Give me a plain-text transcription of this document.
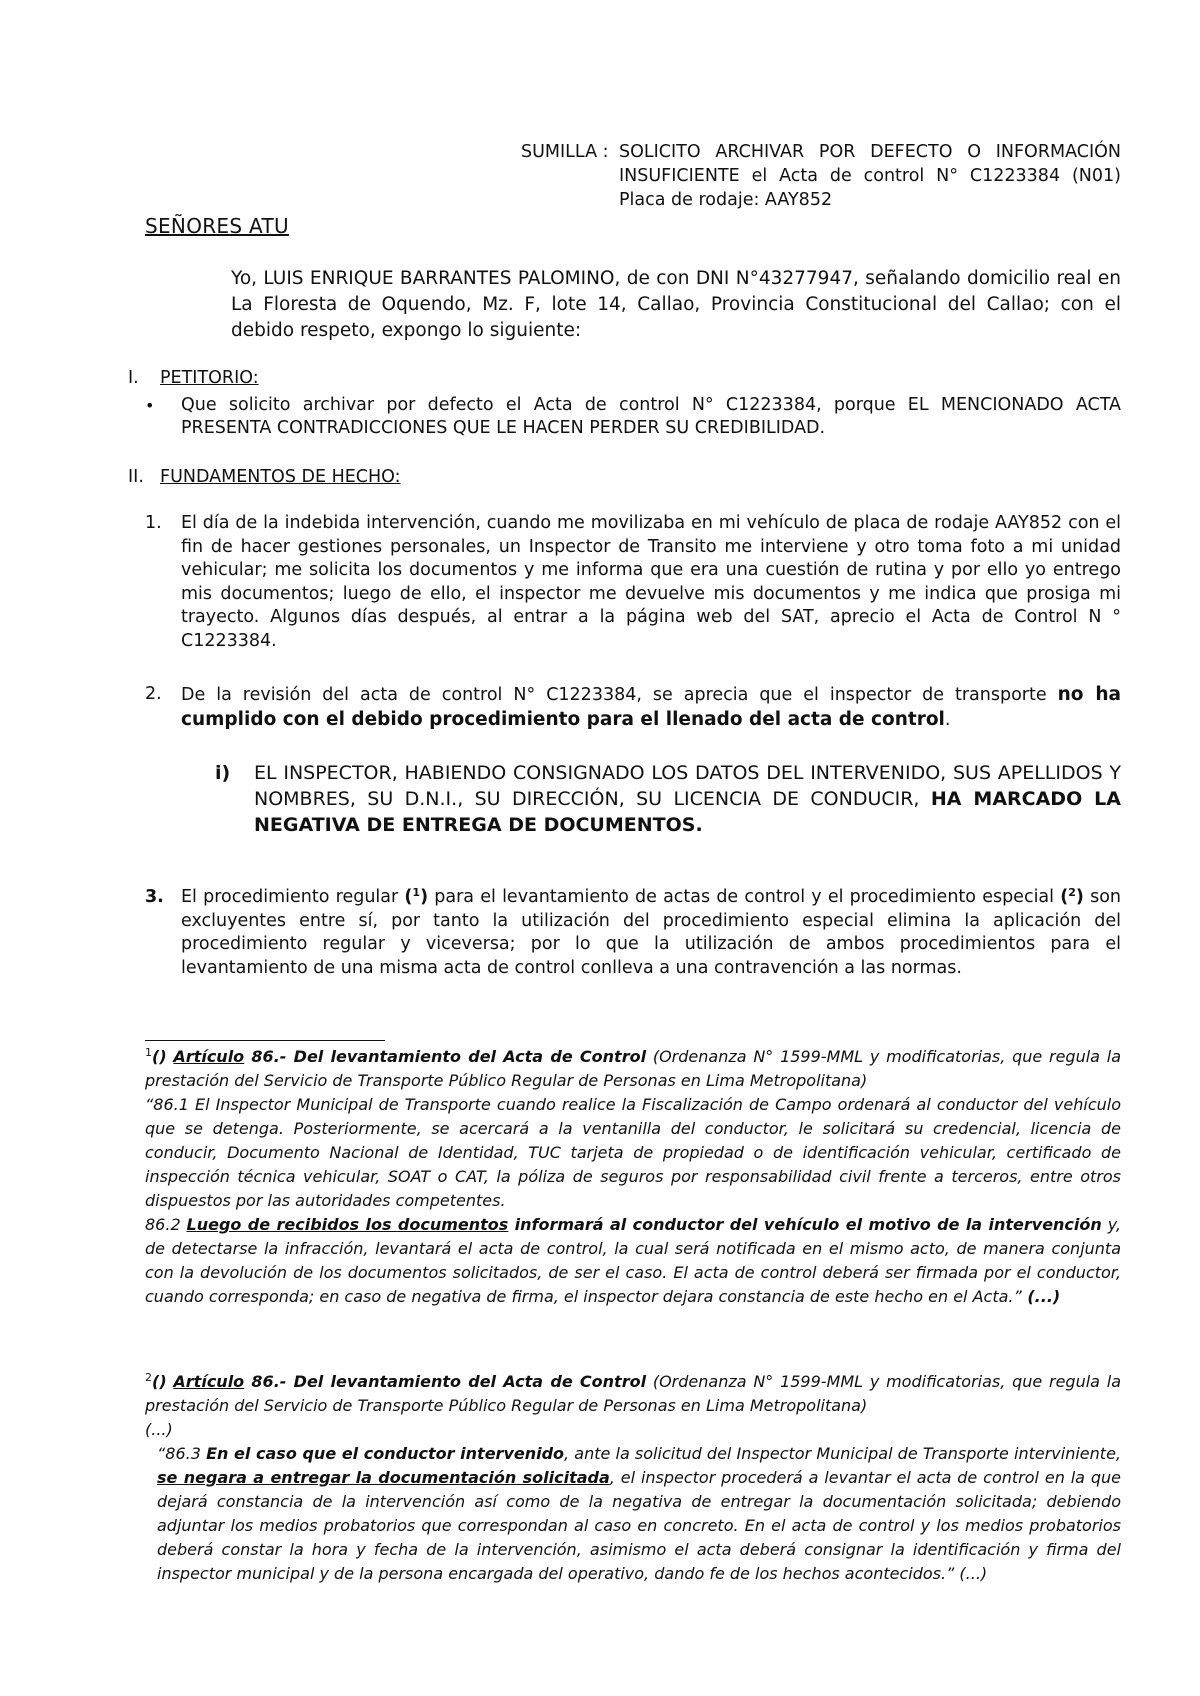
SUMILLA : SOLICITO ARCHIVAR POR DEFECTO O INFORMACIÓN INSUFICIENTE el Acta de control N° C1223384 (N01) Placa de rodaje: AAY852
SEÑORES ATU
Yo, LUIS ENRIQUE BARRANTES PALOMINO, de con DNI N°43277947, señalando domicilio real en La Floresta de Oquendo, Mz. F, lote 14, Callao, Provincia Constitucional del Callao; con el debido respeto, expongo lo siguiente:
I. PETITORIO:
•	Que solicito archivar por defecto el Acta de control N° C1223384, porque EL MENCIONADO ACTA PRESENTA CONTRADICCIONES QUE LE HACEN PERDER SU CREDIBILIDAD.
II. FUNDAMENTOS DE HECHO:
1.	El día de la indebida intervención, cuando me movilizaba en mi vehículo de placa de rodaje AAY852 con el fin de hacer gestiones personales, un Inspector de Transito me interviene y otro toma foto a mi unidad vehicular; me solicita los documentos y me informa que era una cuestión de rutina y por ello yo entrego mis documentos; luego de ello, el inspector me devuelve mis documentos y me indica que prosiga mi trayecto. Algunos días después, al entrar a la página web del SAT, aprecio el Acta de Control N ° C1223384.
2.	De la revisión del acta de control N° C1223384, se aprecia que el inspector de transporte no ha cumplido con el debido procedimiento para el llenado del acta de control.
i)	EL INSPECTOR, HABIENDO CONSIGNADO LOS DATOS DEL INTERVENIDO, SUS APELLIDOS Y NOMBRES, SU D.N.I., SU DIRECCIÓN, SU LICENCIA DE CONDUCIR, HA MARCADO LA NEGATIVA DE ENTREGA DE DOCUMENTOS.
3. El procedimiento regular ($^1$) para el levantamiento de actas de control y el procedimiento especial ($^2$) son excluyentes entre sí, por tanto la utilización del procedimiento especial elimina la aplicación del procedimiento regular y viceversa; por lo que la utilización de ambos procedimientos para el levantamiento de una misma acta de control conlleva a una contravención a las normas.

$^1$() Artículo 86.- Del levantamiento del Acta de Control (Ordenanza N° 1599-MML y modificatorias, que regula la prestación del Servicio de Transporte Público Regular de Personas en Lima Metropolitana)

“86.1 El Inspector Municipal de Transporte cuando realice la Fiscalización de Campo ordenará al conductor del vehículo que se detenga. Posteriormente, se acercará a la ventanilla del conductor, le solicitará su credencial, licencia de conducir, Documento Nacional de Identidad, TUC tarjeta de propiedad o de identificación vehicular, certificado de inspección técnica vehicular, SOAT o CAT, la póliza de seguros por responsabilidad civil frente a terceros, entre otros dispuestos por las autoridades competentes.

86.2 Luego de recibidos los documentos informará al conductor del vehículo el motivo de la intervención y, de detectarse la infracción, levantará el acta de control, la cual será notificada en el mismo acto, de manera conjunta con la devolución de los documentos solicitados, de ser el caso. El acta de control deberá ser firmada por el conductor, cuando corresponda; en caso de negativa de firma, el inspector dejara constancia de este hecho en el Acta.” (...)

$^2$() Artículo 86.- Del levantamiento del Acta de Control (Ordenanza N° 1599-MML y modificatorias, que regula la prestación del Servicio de Transporte Público Regular de Personas en Lima Metropolitana)

(...)

“86.3 En el caso que el conductor intervenido, ante la solicitud del Inspector Municipal de Transporte interviniente, se negara a entregar la documentación solicitada, el inspector procederá a levantar el acta de control en la que dejará constancia de la intervención así como de la negativa de entregar la documentación solicitada; debiendo adjuntar los medios probatorios que correspondan al caso en concreto. En el acta de control y los medios probatorios deberá constar la hora y fecha de la intervención, asimismo el acta deberá consignar la identificación y firma del inspector municipal y de la persona encargada del operativo, dando fe de los hechos acontecidos.” (...)
